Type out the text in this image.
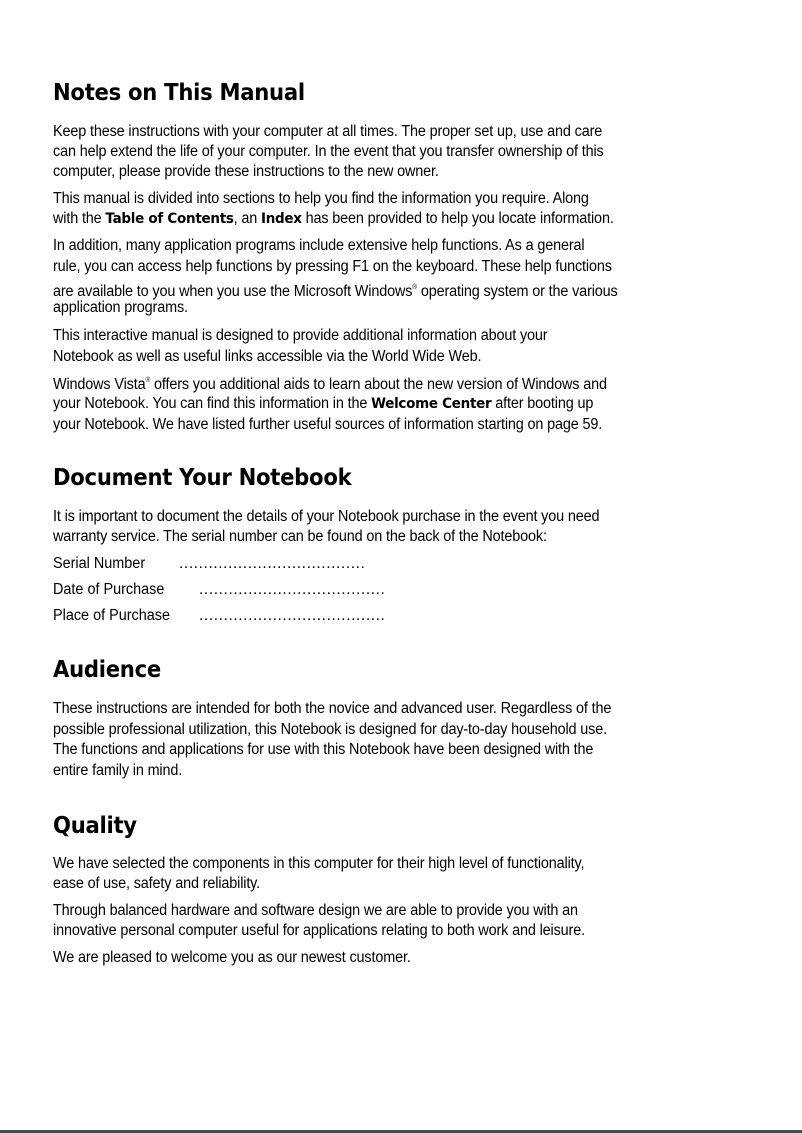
Notes on This Manual

Keep these instructions with your computer at all times. The proper set up, use and care

can help extend the life of your computer. In the event that you transfer ownership of this

computer, please provide these instructions to the new owner.

This manual is divided into sections to help you find the information you require. Along

with the Table of Contents, an Index has been provided to help you locate information.

In addition, many application programs include extensive help functions. As a general

rule, you can access help functions by pressing F1 on the keyboard. These help functions

are available to you when you use the Microsoft Windows® operating system or the various

application programs.

This interactive manual is designed to provide additional information about your

Notebook as well as useful links accessible via the World Wide Web.

Windows Vista® offers you additional aids to learn about the new version of Windows and

your Notebook. You can find this information in the Welcome Center after booting up

your Notebook. We have listed further useful sources of information starting on page 59.

Document Your Notebook

It is important to document the details of your Notebook purchase in the event you need

warranty service. The serial number can be found on the back of the Notebook:

Serial Number ......................................
Date of Purchase ......................................
Place of Purchase ......................................
Audience

These instructions are intended for both the novice and advanced user. Regardless of the

possible professional utilization, this Notebook is designed for day-to-day household use.

The functions and applications for use with this Notebook have been designed with the

entire family in mind.

Quality

We have selected the components in this computer for their high level of functionality,

ease of use, safety and reliability.

Through balanced hardware and software design we are able to provide you with an

innovative personal computer useful for applications relating to both work and leisure.

We are pleased to welcome you as our newest customer.
